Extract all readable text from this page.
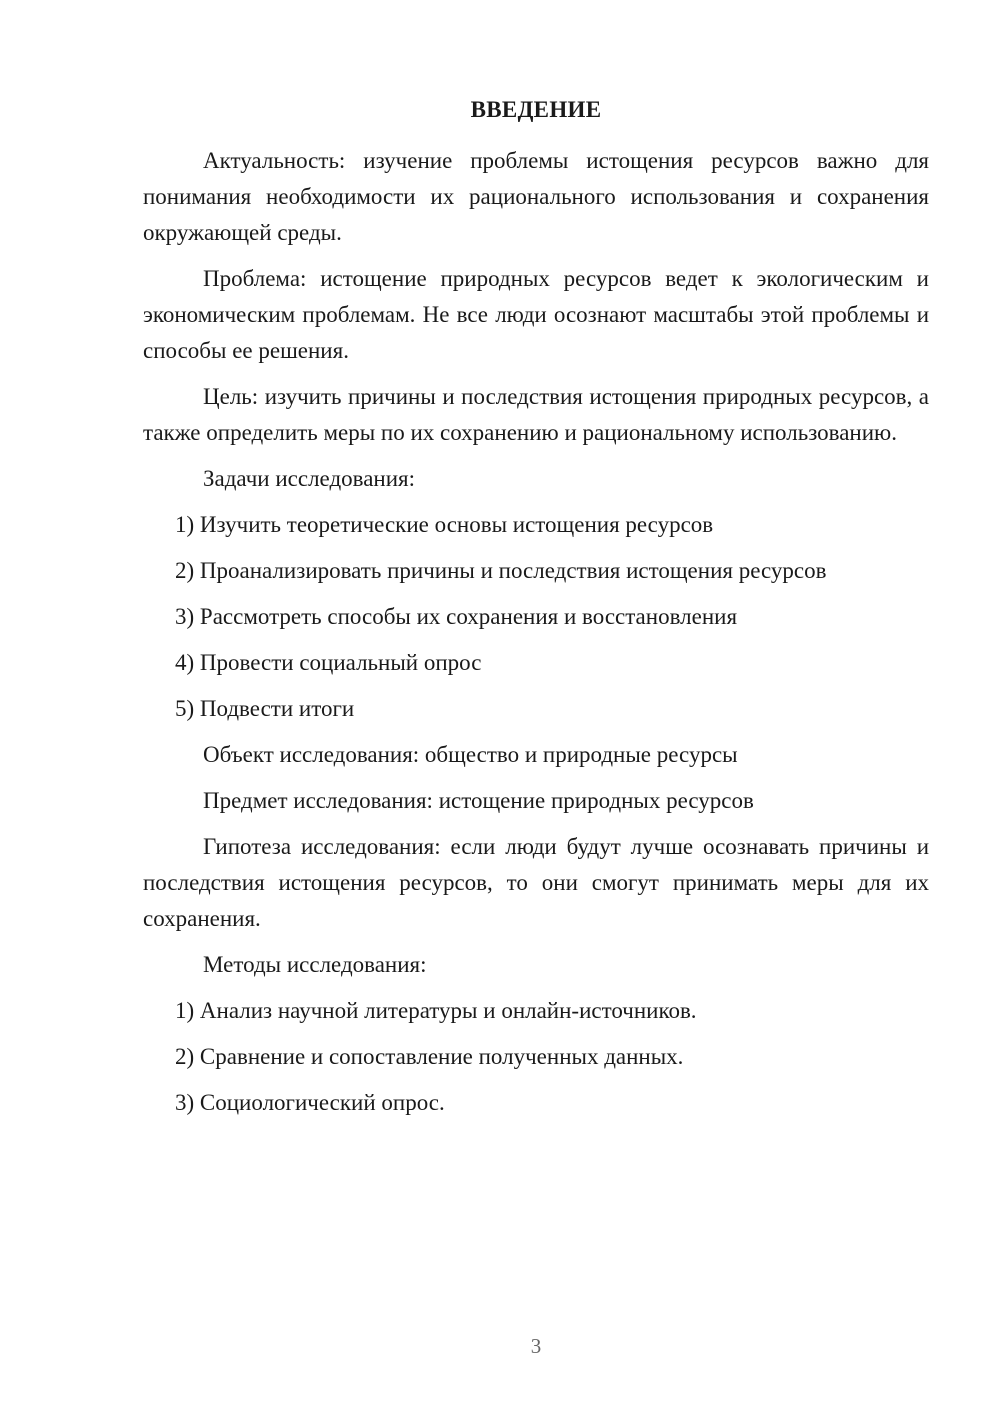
ВВЕДЕНИЕ

Актуальность: изучение проблемы истощения ресурсов важно для понимания необходимости их рационального использования и сохранения окружающей среды.

Проблема: истощение природных ресурсов ведет к экологическим и экономическим проблемам. Не все люди осознают масштабы этой проблемы и способы ее решения.

Цель: изучить причины и последствия истощения природных ресурсов, а также определить меры по их сохранению и рациональному использованию.

Задачи исследования:

1) Изучить теоретические основы истощения ресурсов

2) Проанализировать причины и последствия истощения ресурсов

3) Рассмотреть способы их сохранения и восстановления

4) Провести социальный опрос

5) Подвести итоги

Объект исследования: общество и природные ресурсы

Предмет исследования: истощение природных ресурсов

Гипотеза исследования: если люди будут лучше осознавать причины и последствия истощения ресурсов, то они смогут принимать меры для их сохранения.

Методы исследования:

1) Анализ научной литературы и онлайн-источников.

2) Сравнение и сопоставление полученных данных.

3) Социологический опрос.

3
